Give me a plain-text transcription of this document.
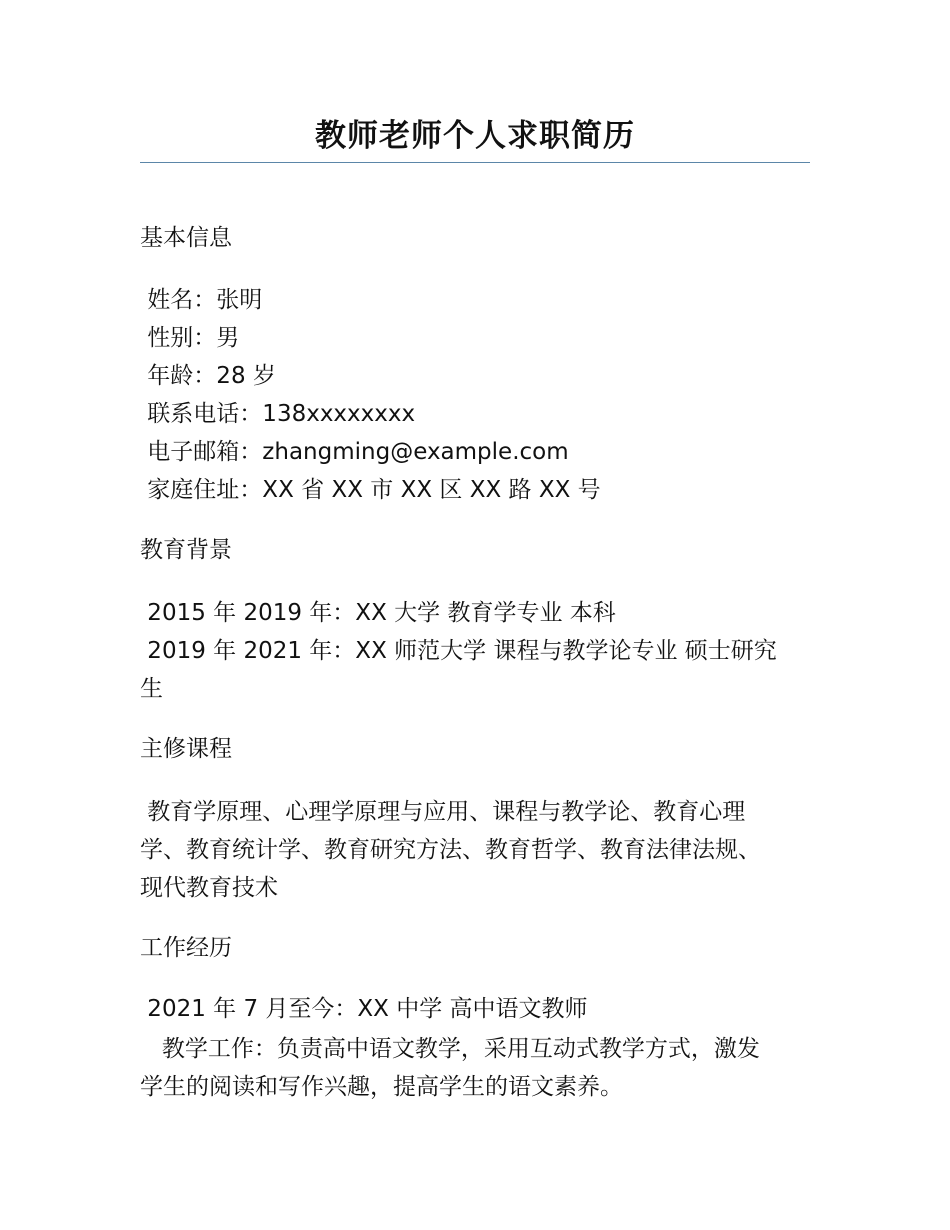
教师老师个人求职简历
基本信息
姓名：张明
性别：男
年龄：28 岁
联系电话：138xxxxxxxx
电子邮箱：zhangming@example.com
家庭住址：XX 省 XX 市 XX 区 XX 路 XX 号
教育背景
2015 年 2019 年：XX 大学 教育学专业 本科
2019 年 2021 年：XX 师范大学 课程与教学论专业 硕士研究
生
主修课程
教育学原理、心理学原理与应用、课程与教学论、教育心理
学、教育统计学、教育研究方法、教育哲学、教育法律法规、
现代教育技术
工作经历
2021 年 7 月至今：XX 中学 高中语文教师
教学工作：负责高中语文教学，采用互动式教学方式，激发
学生的阅读和写作兴趣，提高学生的语文素养。
